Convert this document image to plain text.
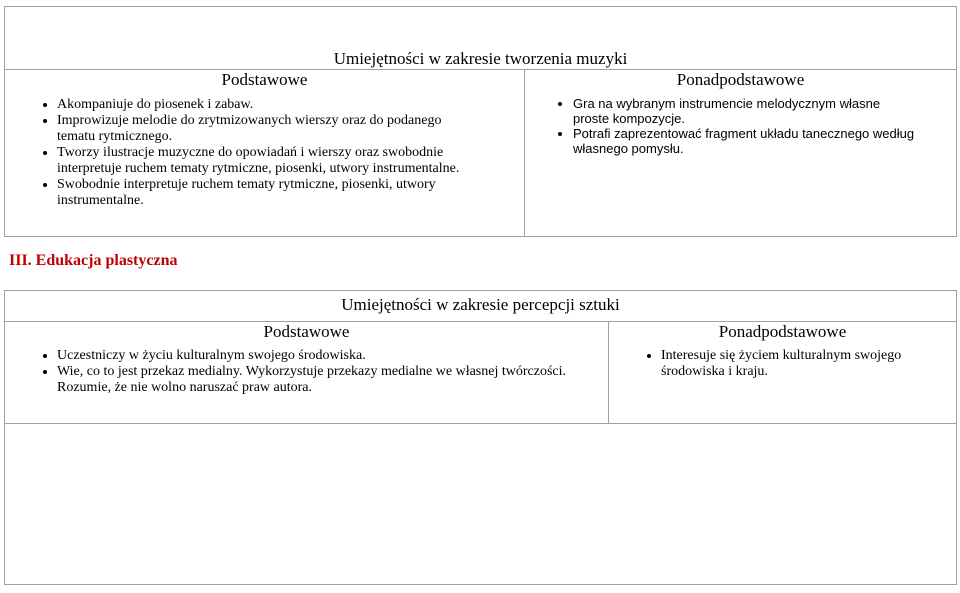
Umiejętności w zakresie tworzenia muzyki

Podstawowe
• Akompaniuje do piosenek i zabaw.
• Improwizuje melodie do zrytmizowanych wierszy oraz do podanego tematu rytmicznego.
• Tworzy ilustracje muzyczne do opowiadań i wierszy oraz swobodnie interpretuje ruchem tematy rytmiczne, piosenki, utwory instrumentalne.
• Swobodnie interpretuje ruchem tematy rytmiczne, piosenki, utwory instrumentalne.

Ponadpodstawowe
• Gra na wybranym instrumencie melodycznym własne proste kompozycje.
• Potrafi zaprezentować fragment układu tanecznego według własnego pomysłu.
III. Edukacja plastyczna
Umiejętności w zakresie percepcji sztuki

Podstawowe
• Uczestniczy w życiu kulturalnym swojego środowiska.
• Wie, co to jest przekaz medialny. Wykorzystuje przekazy medialne we własnej twórczości. Rozumie, że nie wolno naruszać praw autora.

Ponadpodstawowe
• Interesuje się życiem kulturalnym swojego środowiska i kraju.
